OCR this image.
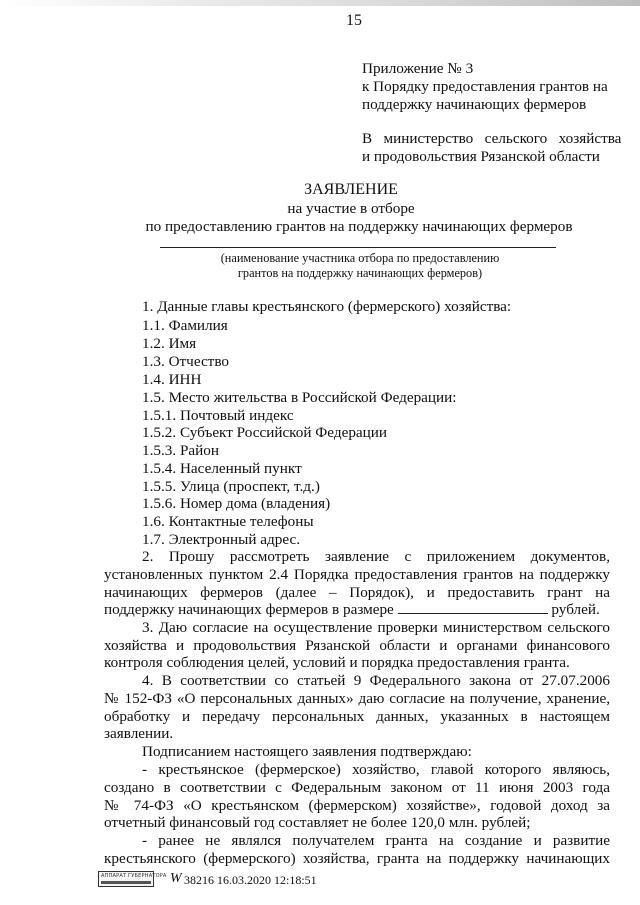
15
Приложение № 3
к Порядку предоставления грантов на
поддержку начинающих фермеров
В   министерство   сельского   хозяйства
и продовольствия Рязанской области
ЗАЯВЛЕНИЕ
на участие в отборе
по предоставлению грантов на поддержку начинающих фермеров
(наименование участника отбора по предоставлению
грантов на поддержку начинающих фермеров)
1. Данные главы крестьянского (фермерского) хозяйства:
1.1. Фамилия
1.2. Имя
1.3. Отчество
1.4. ИНН
1.5. Место жительства в Российской Федерации:
1.5.1. Почтовый индекс
1.5.2. Субъект Российской Федерации
1.5.3. Район
1.5.4. Населенный пункт
1.5.5. Улица (проспект, т.д.)
1.5.6. Номер дома (владения)
1.6. Контактные телефоны
1.7. Электронный адрес.
2. Прошу рассмотреть заявление с приложением документов,
установленных пунктом 2.4 Порядка предоставления грантов на поддержку
начинающих фермеров (далее – Порядок), и предоставить грант на
поддержку начинающих фермеров в размере	рублей.
3. Даю согласие на осуществление проверки министерством сельского
хозяйства и продовольствия Рязанской области и органами финансового
контроля соблюдения целей, условий и порядка предоставления гранта.
4. В соответствии со статьей 9 Федерального закона от 27.07.2006
№ 152-ФЗ «О персональных данных» даю согласие на получение, хранение,
обработку и передачу персональных данных, указанных в настоящем
заявлении.
Подписанием настоящего заявления подтверждаю:
- крестьянское (фермерское) хозяйство, главой которого являюсь,
создано в соответствии с Федеральным законом от 11 июня 2003 года
№ 74-ФЗ «О крестьянском (фермерском) хозяйстве», годовой доход за
отчетный финансовый год составляет не более 120,0 млн. рублей;
- ранее не являлся получателем гранта на создание и развитие
крестьянского (фермерского) хозяйства, гранта на поддержку начинающих
АППАРАТ ГУБЕРНАТОРА W 38216 16.03.2020 12:18:51
